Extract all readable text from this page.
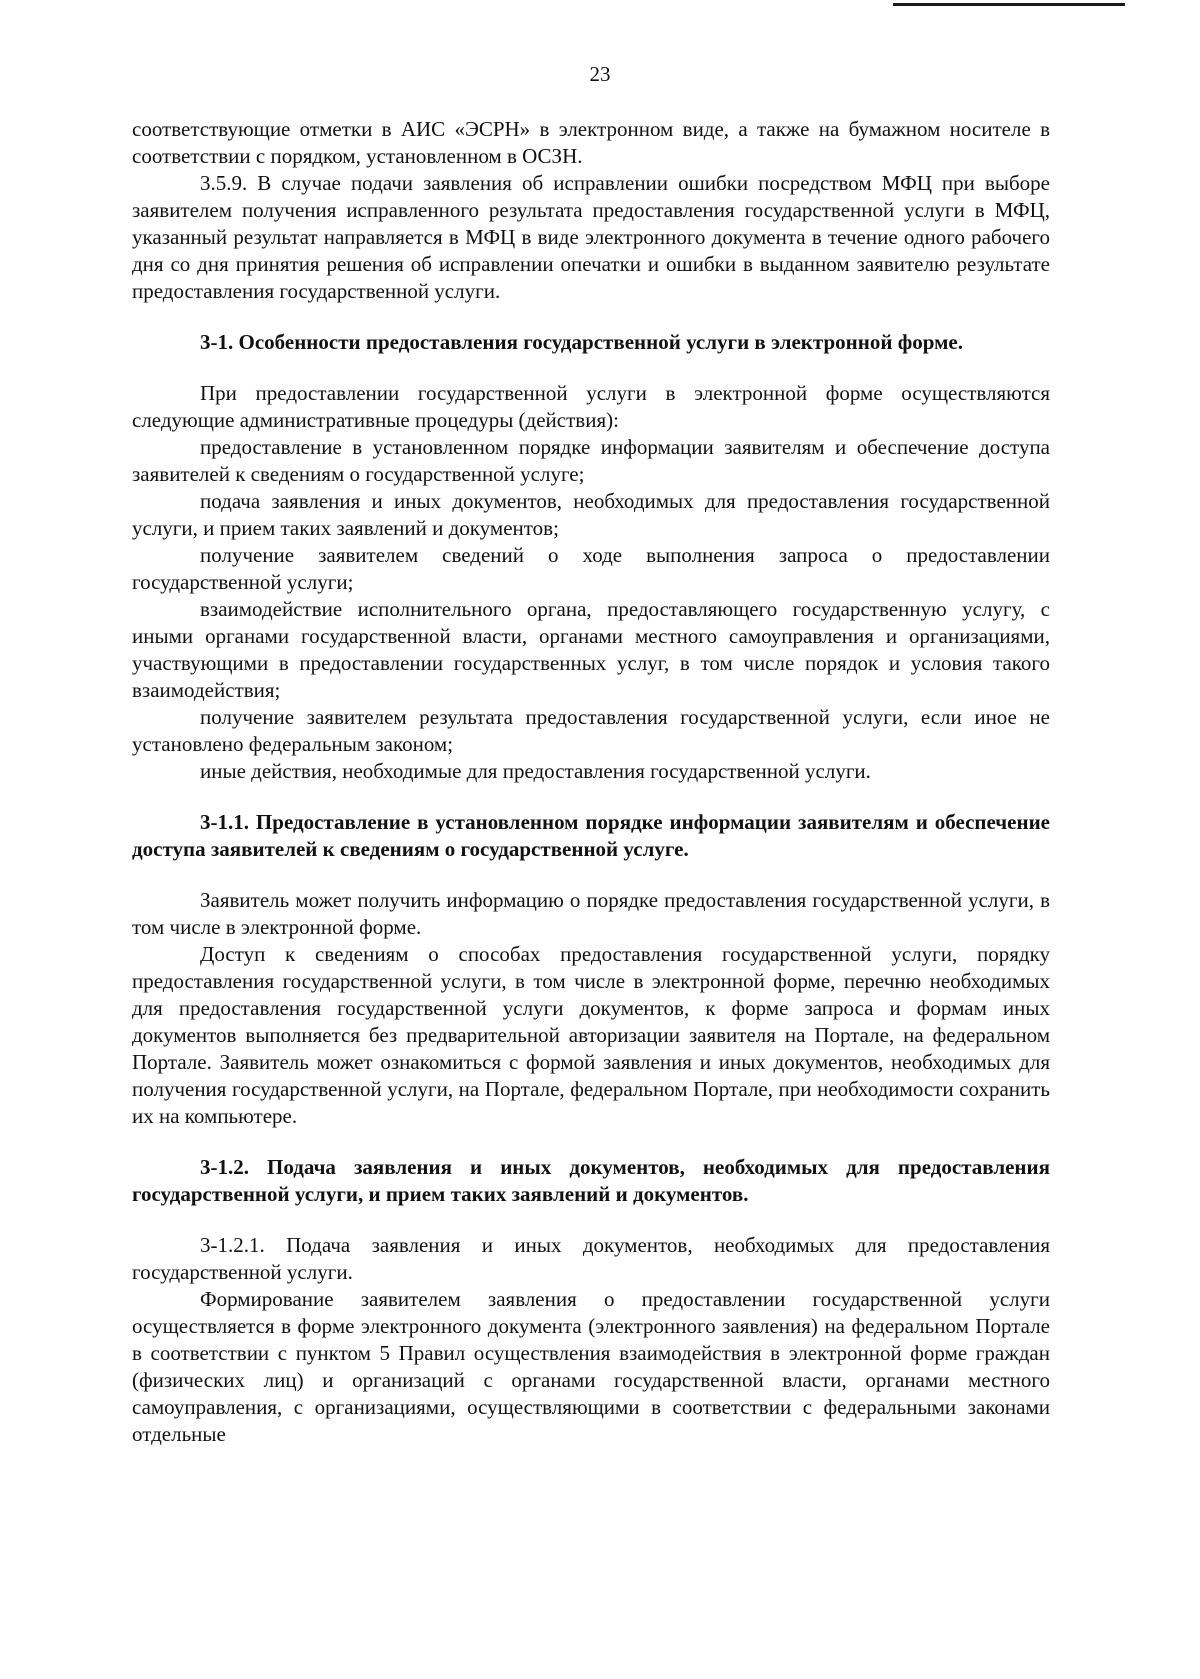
23

соответствующие отметки в АИС «ЭСРН» в электронном виде, а также на бумажном носителе в соответствии с порядком, установленном в ОСЗН.

3.5.9. В случае подачи заявления об исправлении ошибки посредством МФЦ при выборе заявителем получения исправленного результата предоставления государственной услуги в МФЦ, указанный результат направляется в МФЦ в виде электронного документа в течение одного рабочего дня со дня принятия решения об исправлении опечатки и ошибки в выданном заявителю результате предоставления государственной услуги.

3-1. Особенности предоставления государственной услуги в электронной форме.

При предоставлении государственной услуги в электронной форме осуществляются следующие административные процедуры (действия):

предоставление в установленном порядке информации заявителям и обеспечение доступа заявителей к сведениям о государственной услуге;

подача заявления и иных документов, необходимых для предоставления государственной услуги, и прием таких заявлений и документов;

получение заявителем сведений о ходе выполнения запроса о предоставлении государственной услуги;

взаимодействие исполнительного органа, предоставляющего государственную услугу, с иными органами государственной власти, органами местного самоуправления и организациями, участвующими в предоставлении государственных услуг, в том числе порядок и условия такого взаимодействия;

получение заявителем результата предоставления государственной услуги, если иное не установлено федеральным законом;

иные действия, необходимые для предоставления государственной услуги.

3-1.1. Предоставление в установленном порядке информации заявителям и обеспечение доступа заявителей к сведениям о государственной услуге.

Заявитель может получить информацию о порядке предоставления государственной услуги, в том числе в электронной форме.

Доступ к сведениям о способах предоставления государственной услуги, порядку предоставления государственной услуги, в том числе в электронной форме, перечню необходимых для предоставления государственной услуги документов, к форме запроса и формам иных документов выполняется без предварительной авторизации заявителя на Портале, на федеральном Портале. Заявитель может ознакомиться с формой заявления и иных документов, необходимых для получения государственной услуги, на Портале, федеральном Портале, при необходимости сохранить их на компьютере.

3-1.2. Подача заявления и иных документов, необходимых для предоставления государственной услуги, и прием таких заявлений и документов.

3-1.2.1. Подача заявления и иных документов, необходимых для предоставления государственной услуги.

Формирование заявителем заявления о предоставлении государственной услуги осуществляется в форме электронного документа (электронного заявления) на федеральном Портале в соответствии с пунктом 5 Правил осуществления взаимодействия в электронной форме граждан (физических лиц) и организаций с органами государственной власти, органами местного самоуправления, с организациями, осуществляющими в соответствии с федеральными законами отдельные
